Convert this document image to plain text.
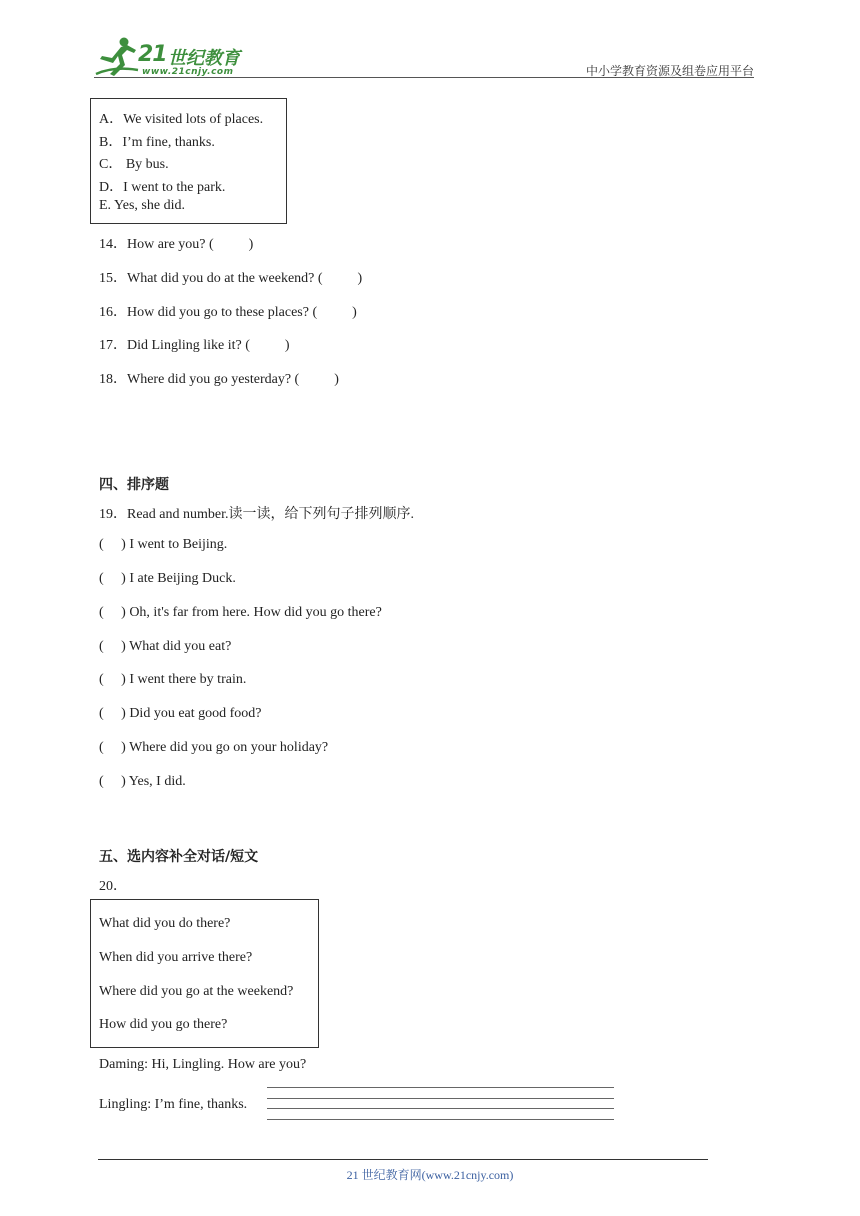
21 世纪教育
www.21cnjy.com	中小学教育资源及组卷应用平台
A．We visited lots of places.
B．I’m fine, thanks.
C． By bus.
D．I went to the park.
E. Yes, she did.
14．How are you? (          )
15．What did you do at the weekend? (          )
16．How did you go to these places? (          )
17．Did Lingling like it? (          )
18．Where did you go yesterday? (          )
四、排序题
19．Read and number.读一读，给下列句子排列顺序.
(     ) I went to Beijing.
(     ) I ate Beijing Duck.
(     ) Oh, it's far from here. How did you go there?
(     ) What did you eat?
(     ) I went there by train.
(     ) Did you eat good food?
(     ) Where did you go on your holiday?
(     ) Yes, I did.
五、选内容补全对话/短文
20．
What did you do there?
When did you arrive there?
Where did you go at the weekend?
How did you go there?
Daming: Hi, Lingling. How are you?
Lingling: I’m fine, thanks.
21 世纪教育网(www.21cnjy.com)
